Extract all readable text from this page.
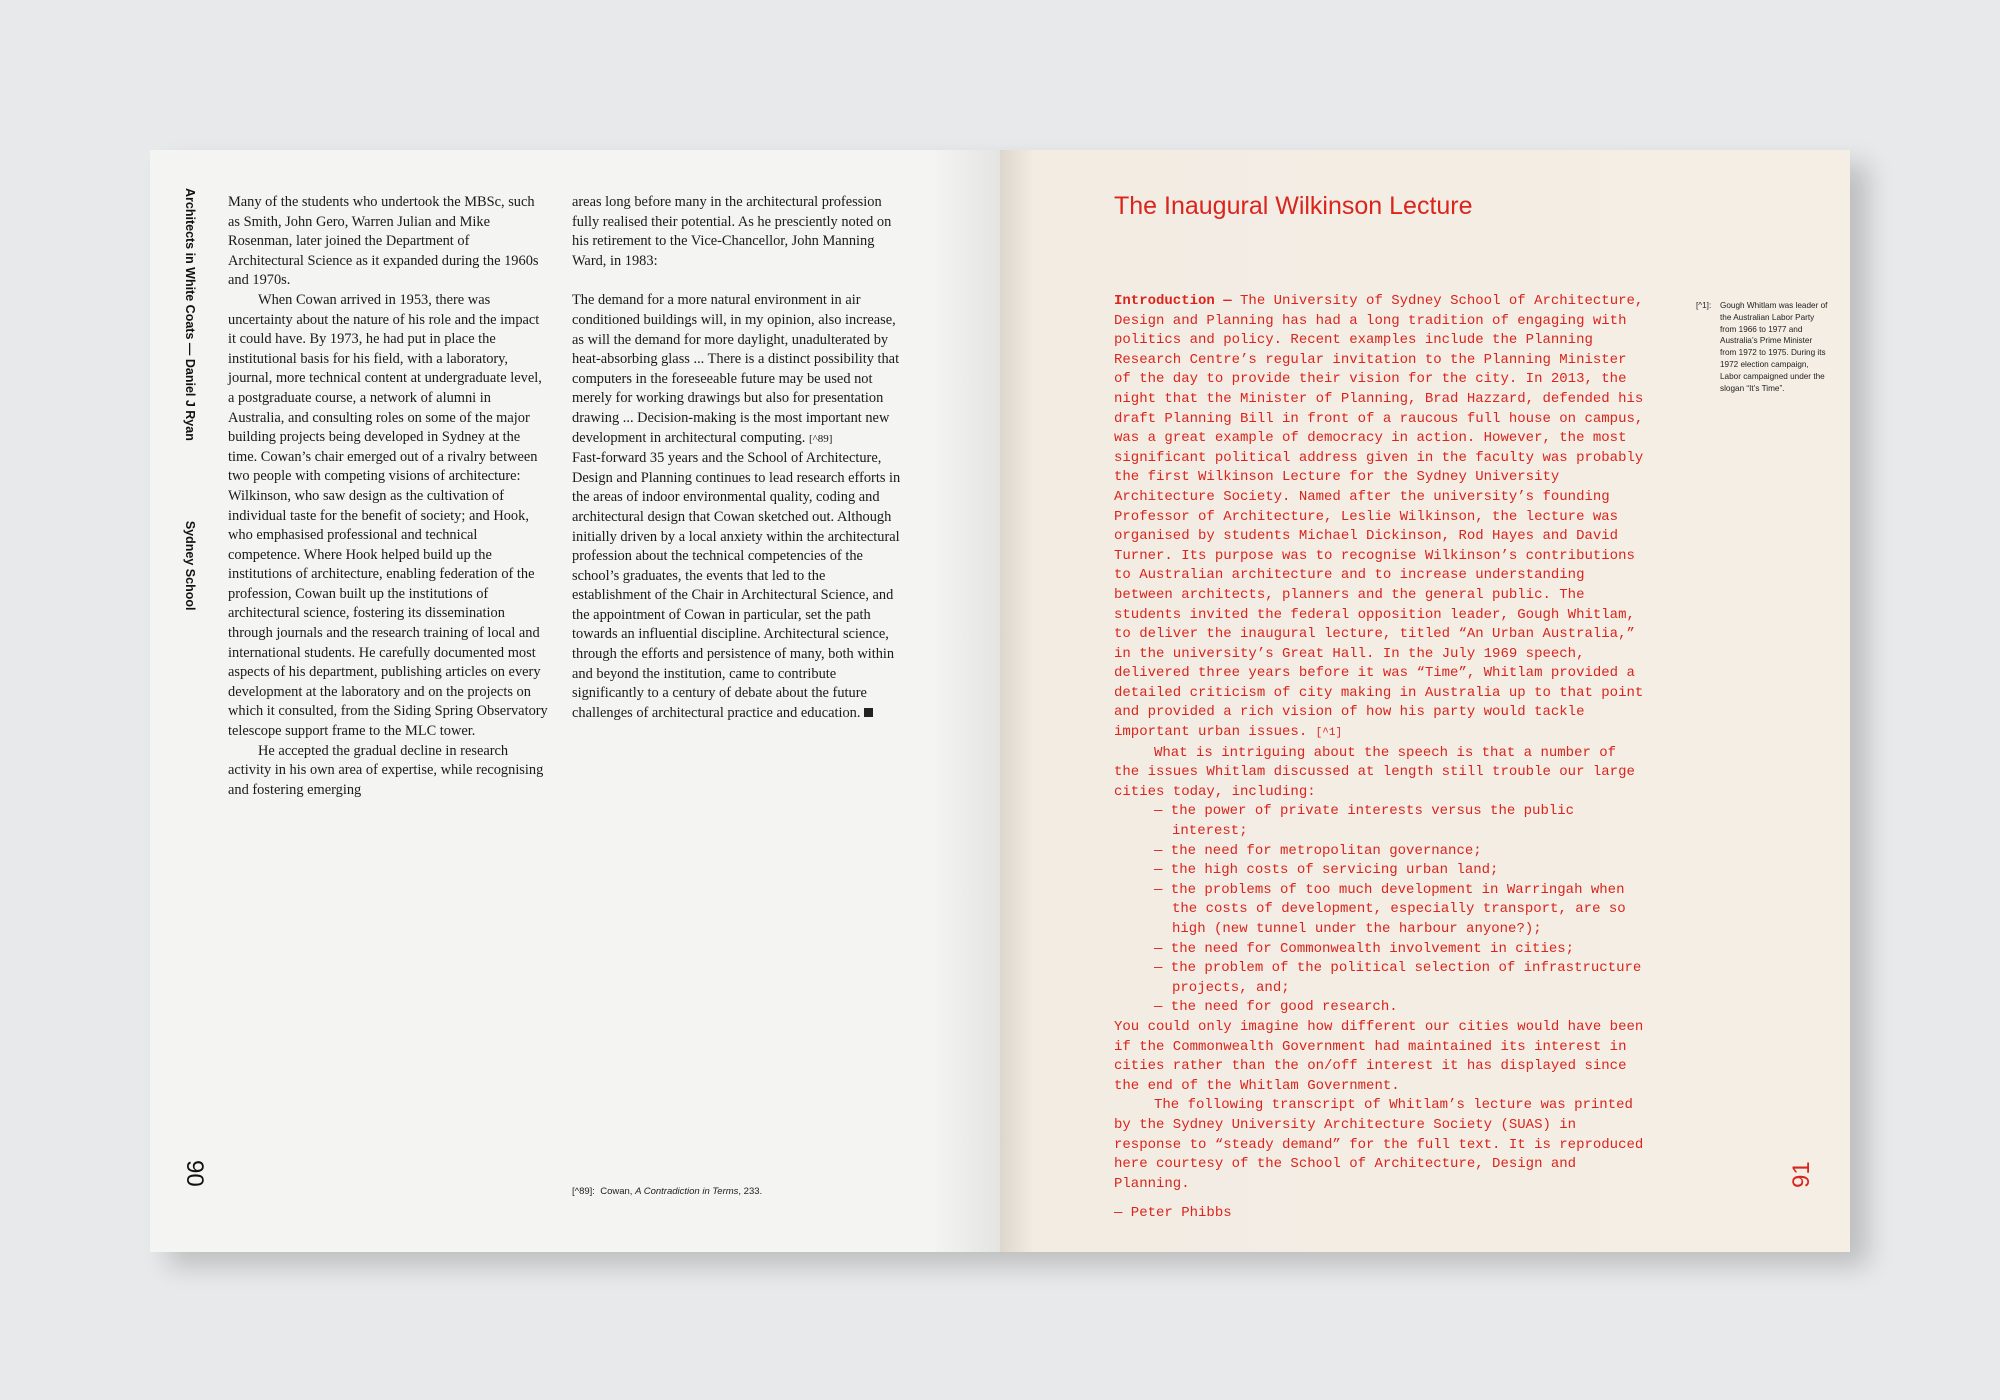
Architects in White Coats — Daniel J RyanSydney School

Many of the students who undertook the MBSc, such as Smith, John Gero, Warren Julian and Mike Rosenman, later joined the Department of Architectural Science as it expanded during the 1960s and 1970s.

When Cowan arrived in 1953, there was uncertainty about the nature of his role and the impact it could have. By 1973, he had put in place the institutional basis for his field, with a laboratory, journal, more technical content at undergraduate level, a postgraduate course, a network of alumni in Australia, and consulting roles on some of the major building projects being developed in Sydney at the time. Cowan’s chair emerged out of a rivalry between two people with competing visions of architecture: Wilkinson, who saw design as the cultivation of individual taste for the benefit of society; and Hook, who emphasised professional and technical competence. Where Hook helped build up the institutions of architecture, enabling federation of the profession, Cowan built up the institutions of architectural science, fostering its dissemination through journals and the research training of local and international students. He carefully documented most aspects of his department, publishing articles on every development at the laboratory and on the projects on which it consulted, from the Siding Spring Observatory telescope support frame to the MLC tower.

He accepted the gradual decline in research activity in his own area of expertise, while recognising and fostering emerging

areas long before many in the architectural profession fully realised their potential. As he presciently noted on his retirement to the Vice-Chancellor, John Manning Ward, in 1983:

The demand for a more natural environment in air conditioned buildings will, in my opinion, also increase, as will the demand for more daylight, unadulterated by heat-absorbing glass ... There is a distinct possibility that computers in the foreseeable future may be used not merely for working drawings but also for presentation drawing ... Decision-making is the most important new development in architectural computing. [^89]

Fast-forward 35 years and the School of Architecture, Design and Planning continues to lead research efforts in the areas of indoor environmental quality, coding and architectural design that Cowan sketched out. Although initially driven by a local anxiety within the architectural profession about the technical competencies of the school’s graduates, the events that led to the establishment of the Chair in Architectural Science, and the appointment of Cowan in particular, set the path towards an influential discipline. Architectural science, through the efforts and persistence of many, both within and beyond the institution, came to contribute significantly to a century of debate about the future challenges of architectural practice and education.

[^89]: Cowan, A Contradiction in Terms, 233.
90
The Inaugural Wilkinson Lecture

Introduction — The University of Sydney School of Architecture, Design and Planning has had a long tradition of engaging with politics and policy. Recent examples include the Planning Research Centre’s regular invitation to the Planning Minister of the day to provide their vision for the city. In 2013, the night that the Minister of Planning, Brad Hazzard, defended his draft Planning Bill in front of a raucous full house on campus, was a great example of democracy in action. However, the most significant political address given in the faculty was probably the first Wilkinson Lecture for the Sydney University Architecture Society. Named after the university’s founding Professor of Architecture, Leslie Wilkinson, the lecture was organised by students Michael Dickinson, Rod Hayes and David Turner. Its purpose was to recognise Wilkinson’s contributions to Australian architecture and to increase understanding between architects, planners and the general public. The students invited the federal opposition leader, Gough Whitlam, to deliver the inaugural lecture, titled “An Urban Australia,” in the university’s Great Hall. In the July 1969 speech, delivered three years before it was “Time”, Whitlam provided a detailed criticism of city making in Australia up to that point and provided a rich vision of how his party would tackle important urban issues. [^1]

What is intriguing about the speech is that a number of the issues Whitlam discussed at length still trouble our large cities today, including:

— the power of private interests versus the public interest;
— the need for metropolitan governance;
— the high costs of servicing urban land;
— the problems of too much development in Warringah when the costs of development, especially transport, are so high (new tunnel under the harbour anyone?);
— the need for Commonwealth involvement in cities;
— the problem of the political selection of infrastructure projects, and;
— the need for good research.

You could only imagine how different our cities would have been if the Commonwealth Government had maintained its interest in cities rather than the on/off interest it has displayed since the end of the Whitlam Government.

The following transcript of Whitlam’s lecture was printed by the Sydney University Architecture Society (SUAS) in response to “steady demand” for the full text. It is reproduced here courtesy of the School of Architecture, Design and Planning.

— Peter Phibbs

[^1]: Gough Whitlam was leader of the Australian Labor Party from 1966 to 1977 and Australia’s Prime Minister from 1972 to 1975. During its 1972 election campaign, Labor campaigned under the slogan “It’s Time”.
91
